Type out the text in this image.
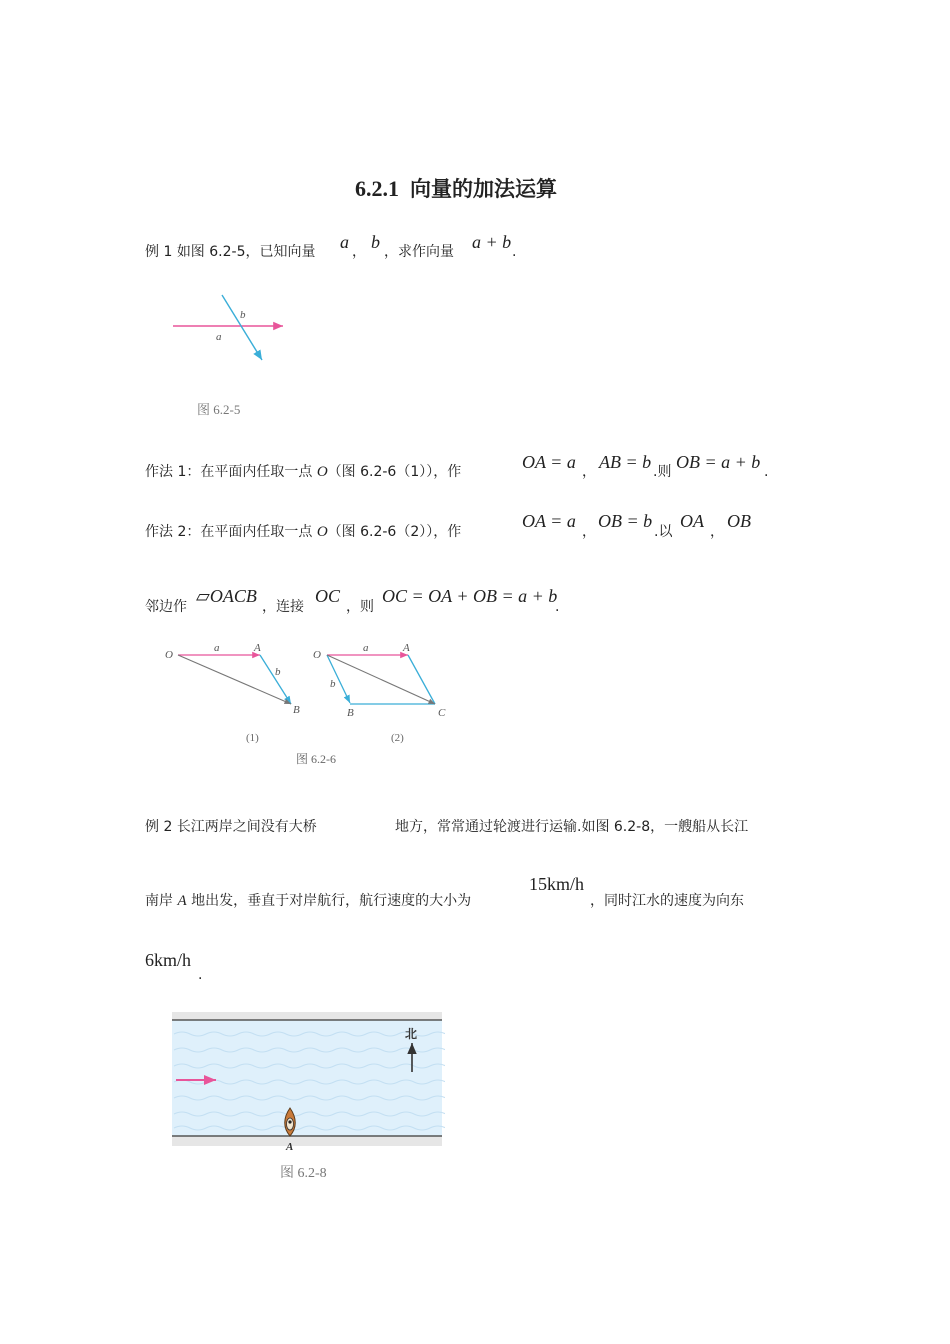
6.2.1 向量的加法运算
例 1 如图 6.2-5，已知向量 a ， b ，求作向量 a + b .
a
b
图 6.2-5
作法 1：在平面内任取一点 O（图 6.2-6（1）），作	OA = a ， AB = b .则 OB = a + b .
作法 2：在平面内任取一点 O（图 6.2-6（2）），作
OA = a
，
OB = b
.以
OA
，
OB
邻边作
▱OACB
，连接
OC
，则
OC = OA + OB = a + b
.
O
a	A
b
B
(1)
O
a	A
b
B	C
(2)
图 6.2-6
例 2 长江两岸之间没有大桥	地方，常常通过轮渡进行运输.如图 6.2-8，一艘船从长江
南岸 A 地出发，垂直于对岸航行，航行速度的大小为
15km/h
，同时江水的速度为向东
6km/h
.
北
A
图 6.2-8
